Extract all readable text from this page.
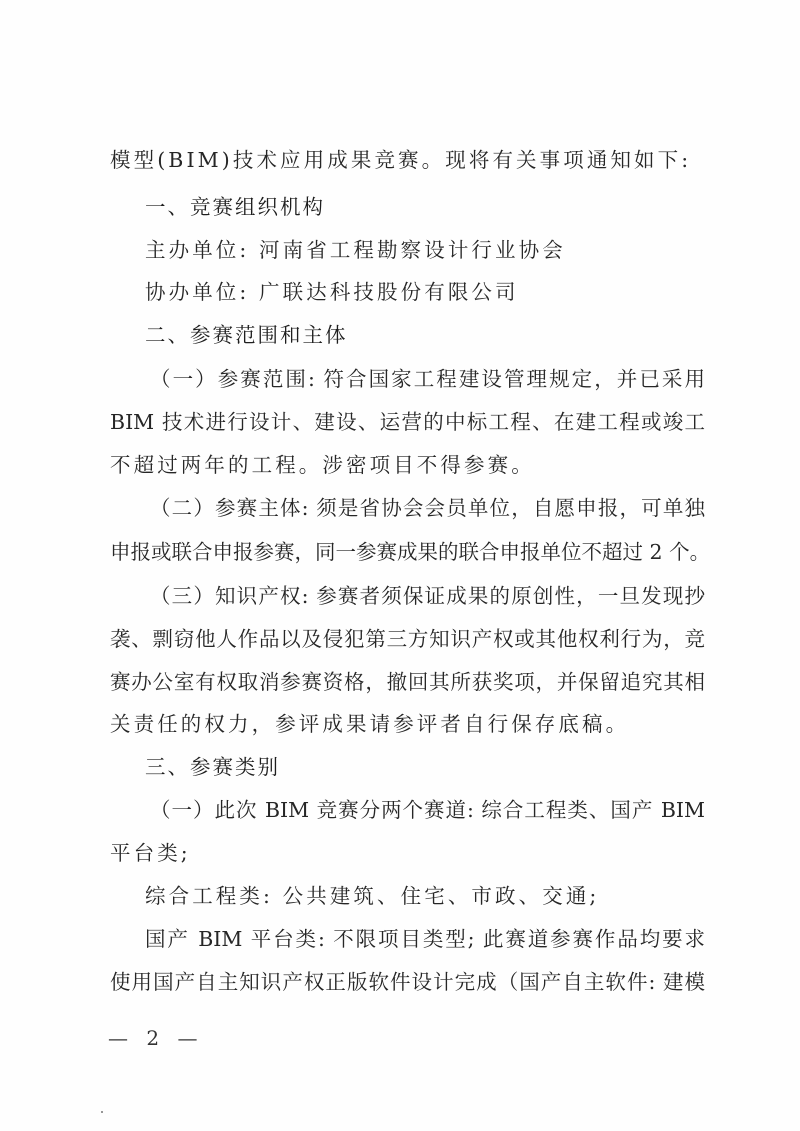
模型(BIM)技术应用成果竞赛。现将有关事项通知如下:
一、竞赛组织机构
主办单位: 河南省工程勘察设计行业协会
协办单位: 广联达科技股份有限公司
二、参赛范围和主体
（一）参赛范围: 符合国家工程建设管理规定，并已采用
BIM 技术进行设计、建设、运营的中标工程、在建工程或竣工
不超过两年的工程。涉密项目不得参赛。
（二）参赛主体: 须是省协会会员单位，自愿申报，可单独
申报或联合申报参赛，同一参赛成果的联合申报单位不超过 2 个。
（三）知识产权: 参赛者须保证成果的原创性，一旦发现抄
袭、剽窃他人作品以及侵犯第三方知识产权或其他权利行为，竞
赛办公室有权取消参赛资格，撤回其所获奖项，并保留追究其相
关责任的权力，参评成果请参评者自行保存底稿。
三、参赛类别
（一）此次 BIM 竞赛分两个赛道: 综合工程类、国产 BIM
平台类;
综合工程类: 公共建筑、住宅、市政、交通;
国产 BIM 平台类: 不限项目类型; 此赛道参赛作品均要求
使用国产自主知识产权正版软件设计完成（国产自主软件: 建模
— 2 —
